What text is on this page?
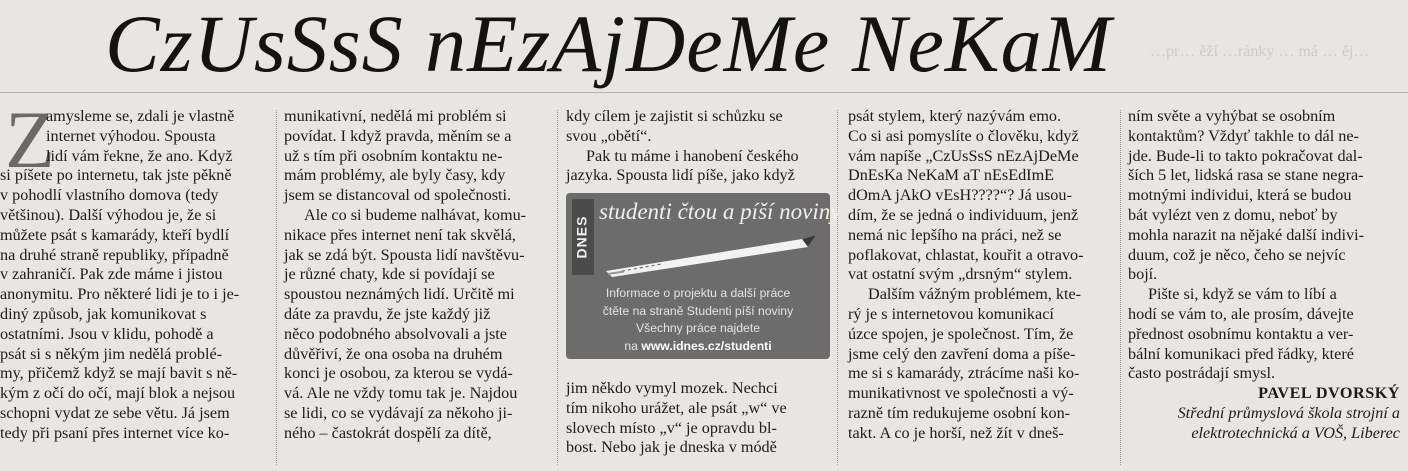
…pr… ěží …ránky … má … ěj…

CzUsSsS nEzAjDeMe NeKaM
Z
amysleme se, zdali je vlastně
internet výhodou. Spousta
lidí vám řekne, že ano. Když
si píšete po internetu, tak jste pěkně
v pohodlí vlastního domova (tedy
většinou). Další výhodou je, že si
můžete psát s kamarády, kteří bydlí
na druhé straně republiky, případně
v zahraničí. Pak zde máme i jistou
anonymitu. Pro některé lidi je to i je-
diný způsob, jak komunikovat s
ostatními. Jsou v klidu, pohodě a
psát si s někým jim nedělá problé-
my, přičemž když se mají bavit s ně-
kým z očí do očí, mají blok a nejsou
schopni vydat ze sebe větu. Já jsem
tedy při psaní přes internet více ko-
munikativní, nedělá mi problém si
povídat. I když pravda, měním se a
už s tím při osobním kontaktu ne-
mám problémy, ale byly časy, kdy
jsem se distancoval od společnosti.
Ale co si budeme nalhávat, komu-
nikace přes internet není tak skvělá,
jak se zdá být. Spousta lidí navštěvu-
je různé chaty, kde si povídají se
spoustou neznámých lidí. Určitě mi
dáte za pravdu, že jste každý již
něco podobného absolvovali a jste
důvěřiví, že ona osoba na druhém
konci je osobou, za kterou se vydá-
vá. Ale ne vždy tomu tak je. Najdou
se lidi, co se vydávají za někoho ji-
ného – častokrát dospělí za dítě,
kdy cílem je zajistit si schůzku se
svou „obětí“.
Pak tu máme i hanobení českého
jazyka. Spousta lidí píše, jako když
jim někdo vymyl mozek. Nechci
tím nikoho urážet, ale psát „w“ ve
slovech místo „v“ je opravdu bl-
bost. Nebo jak je dneska v módě
psát stylem, který nazývám emo.
Co si asi pomyslíte o člověku, když
vám napíše „CzUsSsS nEzAjDeMe
DnEsKa NeKaM aT nEsEdImE
dOmA jAkO vEsH????“? Já usou-
dím, že se jedná o individuum, jenž
nemá nic lepšího na práci, než se
poflakovat, chlastat, kouřit a otravo-
vat ostatní svým „drsným“ stylem.
Dalším vážným problémem, kte-
rý je s internetovou komunikací
úzce spojen, je společnost. Tím, že
jsme celý den zavření doma a píše-
me si s kamarády, ztrácíme naši ko-
munikativnost ve společnosti a vý-
razně tím redukujeme osobní kon-
takt. A co je horší, než žít v dneš-
ním světe a vyhýbat se osobním
kontaktům? Vždyť takhle to dál ne-
jde. Bude-li to takto pokračovat dal-
ších 5 let, lidská rasa se stane negra-
motnými individui, která se budou
bát vylézt ven z domu, neboť by
mohla narazit na nějaké další indivi-
duum, což je něco, čeho se nejvíc
bojí.
Pište si, když se vám to líbí a
hodí se vám to, ale prosím, dávejte
přednost osobnímu kontaktu a ver-
bální komunikaci před řádky, které
často postrádají smysl.
PAVEL DVORSKÝ
Střední průmyslová škola strojní a
elektrotechnická a VOŠ, Liberec
DNES
studenti čtou a píší noviny
Informace o projektu a další práce
čtěte na straně Studenti píší noviny
Všechny práce najdete
na www.idnes.cz/studenti
